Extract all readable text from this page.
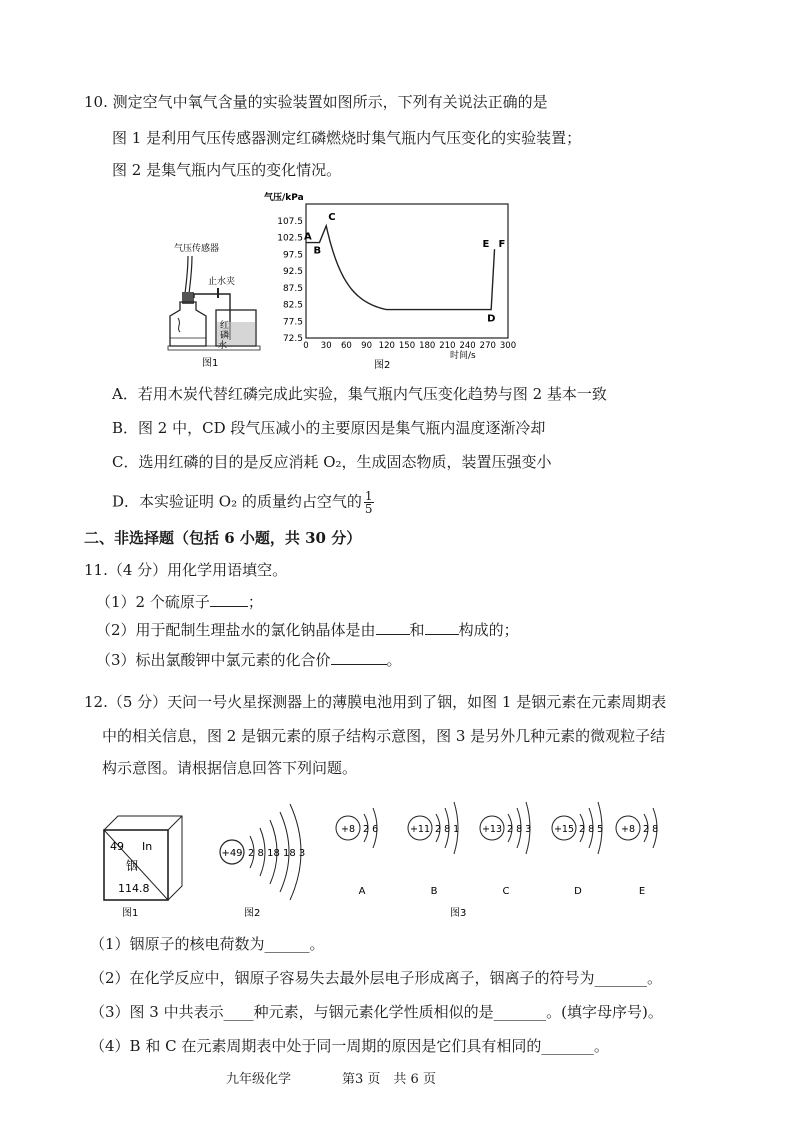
10. 测定空气中氧气含量的实验装置如图所示，下列有关说法正确的是
图 1 是利用气压传感器测定红磷燃烧时集气瓶内气压变化的实验装置；
图 2 是集气瓶内气压的变化情况。
气压传感器
止水夹
红
磷
水
图1
气压/kPa
72.5
77.5
82.5
87.5
92.5
97.5
102.5
107.5
0 30 60 90 120 150 180 210 240 270 300
A
B
C
D
E F
时间/s
图2
A．若用木炭代替红磷完成此实验，集气瓶内气压变化趋势与图 2 基本一致
B．图 2 中，CD 段气压减小的主要原因是集气瓶内温度逐渐冷却
C．选用红磷的目的是反应消耗 O₂，生成固态物质，装置压强变小
D．本实验证明 O₂ 的质量约占空气的 $\frac{1}{5}$
二、非选择题（包括 6 小题，共 30 分）
11.（4 分）用化学用语填空。
（1）2 个硫原子	；
（2）用于配制生理盐水的氯化钠晶体是由 和 构成的；
（3）标出氯酸钾中氯元素的化合价	。
12.（5 分）天问一号火星探测器上的薄膜电池用到了铟，如图 1 是铟元素在元素周期表
中的相关信息，图 2 是铟元素的原子结构示意图，图 3 是另外几种元素的微观粒子结
构示意图。请根据信息回答下列问题。
49 In
铟
114.8
图1
+49 2 8 18 18 3
图2	图3
+8 2 6
A
+11 2 8 1
B
+13 2 8 3
C
+15 2 8 5
D
+8 2 8
E
（1）铟原子的核电荷数为______。
（2）在化学反应中，铟原子容易失去最外层电子形成离子，铟离子的符号为_______。
（3）图 3 中共表示____种元素，与铟元素化学性质相似的是_______。(填字母序号)。
（4）B 和 C 在元素周期表中处于同一周期的原因是它们具有相同的_______。
九年级化学	第3 页　共 6 页
